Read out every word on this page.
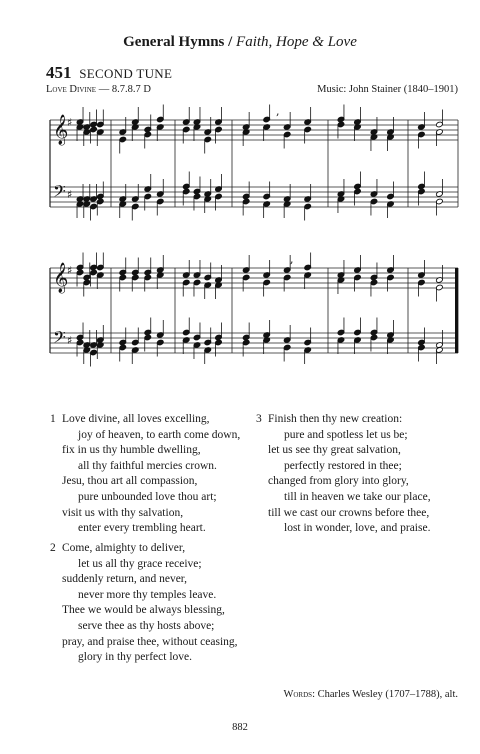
General Hymns / Faith, Hope & Love
451 SECOND TUNE
Love Divine — 8.7.8.7 D	Music: John Stainer (1840–1901)
𝄞
♯
𝄢 ♯
,
𝄞
♯
𝄢 ♯
,
Love divine, all loves excelling,
1
joy of heaven, to earth come down,
fix in us thy humble dwelling,
all thy faithful mercies crown.
Jesu, thou art all compassion,
pure unbounded love thou art;
visit us with thy salvation,
enter every trembling heart.
Come, almighty to deliver,
2
let us all thy grace receive;
suddenly return, and never,
never more thy temples leave.
Thee we would be always blessing,
serve thee as thy hosts above;
pray, and praise thee, without ceasing,
glory in thy perfect love.
Finish then thy new creation:
3
pure and spotless let us be;
let us see thy great salvation,
perfectly restored in thee;
changed from glory into glory,
till in heaven we take our place,
till we cast our crowns before thee,
lost in wonder, love, and praise.
Words: Charles Wesley (1707–1788), alt.
882
